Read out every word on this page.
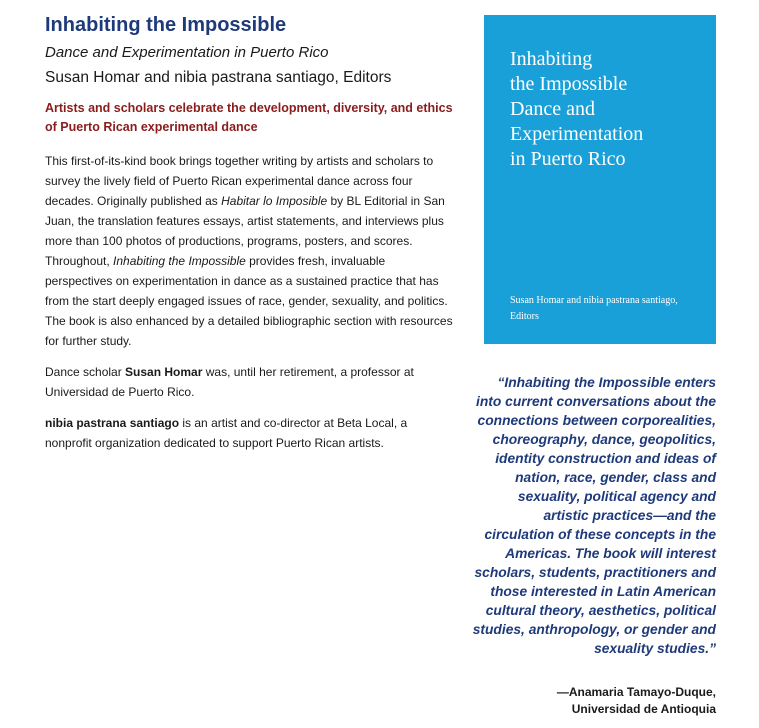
Inhabiting the Impossible
Dance and Experimentation in Puerto Rico
Susan Homar and nibia pastrana santiago, Editors
Artists and scholars celebrate the development, diversity, and ethics of Puerto Rican experimental dance

This first-of-its-kind book brings together writing by artists and scholars to survey the lively field of Puerto Rican experimental dance across four decades. Originally published as Habitar lo Imposible by BL Editorial in San Juan, the translation features essays, artist statements, and interviews plus more than 100 photos of productions, programs, posters, and scores. Throughout, Inhabiting the Impossible provides fresh, invaluable perspectives on experimentation in dance as a sustained practice that has from the start deeply engaged issues of race, gender, sexuality, and politics. The book is also enhanced by a detailed bibliographic section with resources for further study.

Dance scholar Susan Homar was, until her retirement, a professor at Universidad de Puerto Rico.

nibia pastrana santiago is an artist and co-director at Beta Local, a nonprofit organization dedicated to support Puerto Rican artists.

Inhabiting
the Impossible
Dance and
Experimentation
in Puerto Rico
Susan Homar and nibia pastrana santiago,
Editors
“Inhabiting the Impossible enters into current conversations about the connections between corporealities, choreography, dance, geopolitics, identity construction and ideas of nation, race, gender, class and sexuality, political agency and artistic practices—and the circulation of these concepts in the Americas. The book will interest scholars, students, practitioners and those interested in Latin American cultural theory, aesthetics, political studies, anthropology, or gender and sexuality studies.”
—Anamaria Tamayo-Duque,
Universidad de Antioquia
